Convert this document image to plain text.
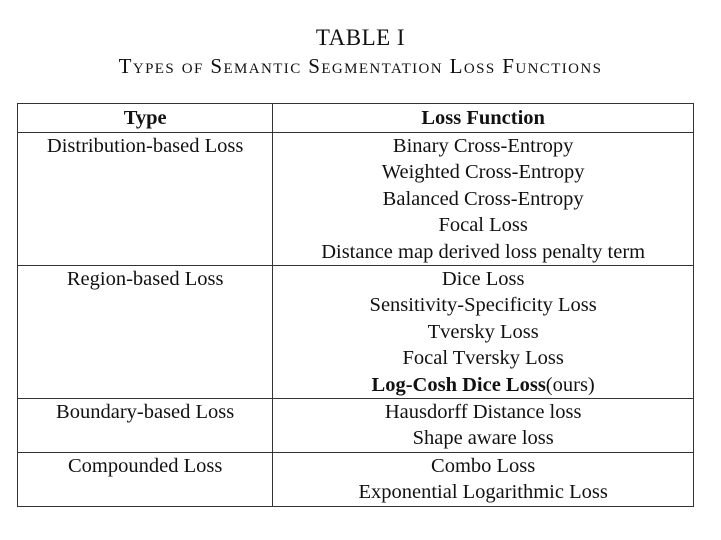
TABLE I
Types of Semantic Segmentation Loss Functions
Type	Loss Function
Distribution-based Loss	Binary Cross-Entropy
Weighted Cross-Entropy
Balanced Cross-Entropy
Focal Loss
Distance map derived loss penalty term

Region-based Loss	Dice Loss
Sensitivity-Specificity Loss
Tversky Loss
Focal Tversky Loss
Log-Cosh Dice Loss(ours)

Boundary-based Loss	Hausdorff Distance loss
Shape aware loss

Compounded Loss	Combo Loss
Exponential Logarithmic Loss
